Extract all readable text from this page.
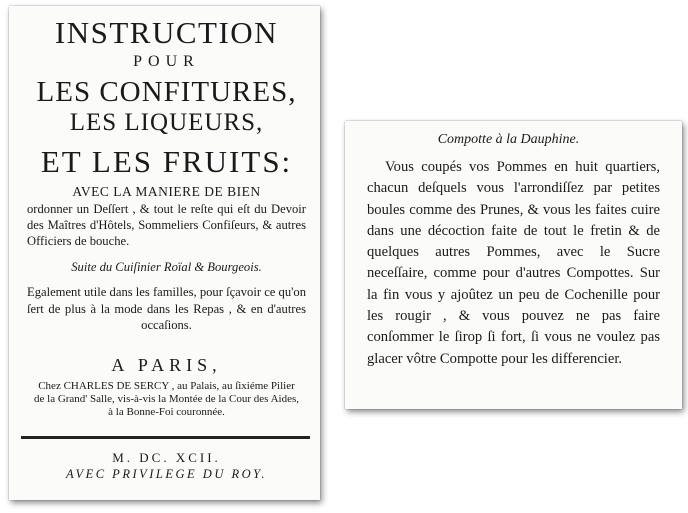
INSTRUCTION
POUR
LES CONFITURES,
LES LIQUEURS,
ET LES FRUITS:
AVEC LA MANIERE DE BIEN
ordonner un Deſſert , & tout le reſte qui eſt du Devoir des Maîtres d'Hôtels, Sommeliers Confiſeurs, & autres Officiers de bouche.
Suite du Cuiſinier Roïal & Bourgeois.
Egalement utile dans les familles, pour ſçavoir ce qu'on ſert de plus à la mode dans les Repas , & en d'autres occaſions.
A PARIS,
Chez CHARLES DE SERCY , au Palais, au ſixiéme Pilier de la Grand' Salle, vis-à-vis la Montée de la Cour des Aides, à la Bonne-Foi couronnée.
M. DC. XCII.
AVEC PRIVILEGE DU ROY.
Compotte à la Dauphine.
Vous coupés vos Pommes en huit quartiers, chacun deſquels vous l'arrondiſſez par petites boules comme des Prunes, & vous les faites cuire dans une décoction faite de tout le fretin & de quelques autres Pommes, avec le Sucre neceſſaire, comme pour d'autres Compottes. Sur la fin vous y ajoûtez un peu de Cochenille pour les rougir , & vous pouvez ne pas faire conſommer le ſirop ſi fort, ſi vous ne voulez pas glacer vôtre Compotte pour les differencier.
